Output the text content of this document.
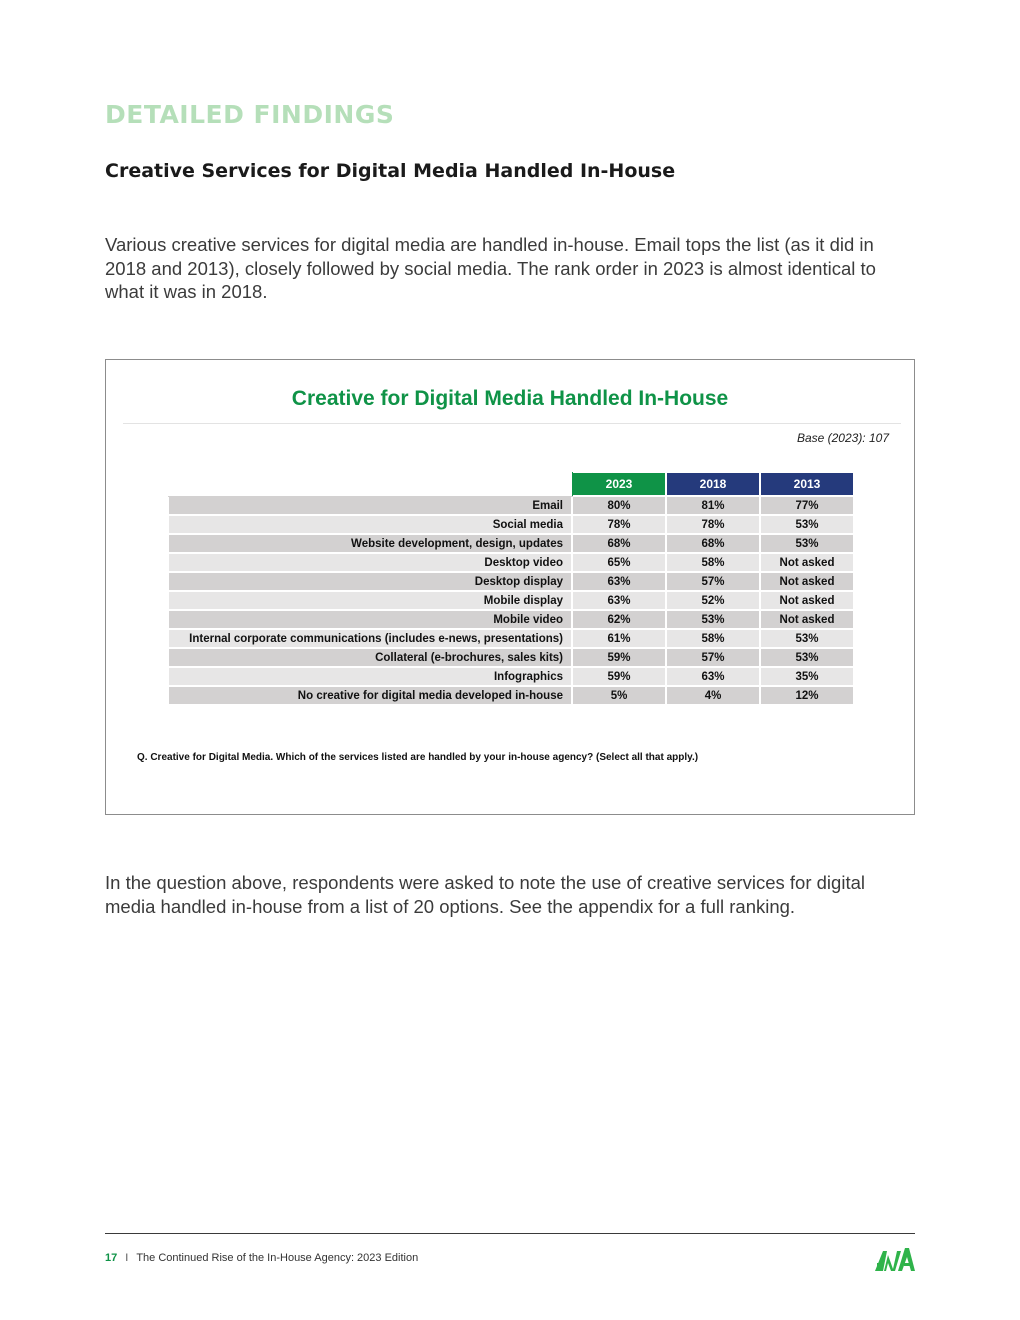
DETAILED FINDINGS
Creative Services for Digital Media Handled In-House

Various creative services for digital media are handled in-house. Email tops the list (as it did in 2018 and 2013), closely followed by social media. The rank order in 2023 is almost identical to what it was in 2018.

Creative for Digital Media Handled In-House
Base (2023): 107
	2023	2018	2013
Email	80%	81%	77%
Social media	78%	78%	53%
Website development, design, updates	68%	68%	53%
Desktop video	65%	58%	Not asked
Desktop display	63%	57%	Not asked
Mobile display	63%	52%	Not asked
Mobile video	62%	53%	Not asked
Internal corporate communications (includes e-news, presentations)	61%	58%	53%
Collateral (e-brochures, sales kits)	59%	57%	53%
Infographics	59%	63%	35%
No creative for digital media developed in-house	5%	4%	12%
Q. Creative for Digital Media. Which of the services listed are handled by your in-house agency? (Select all that apply.)

In the question above, respondents were asked to note the use of creative services for digital media handled in-house from a list of 20 options. See the appendix for a full ranking.

17 I The Continued Rise of the In-House Agency: 2023 Edition
